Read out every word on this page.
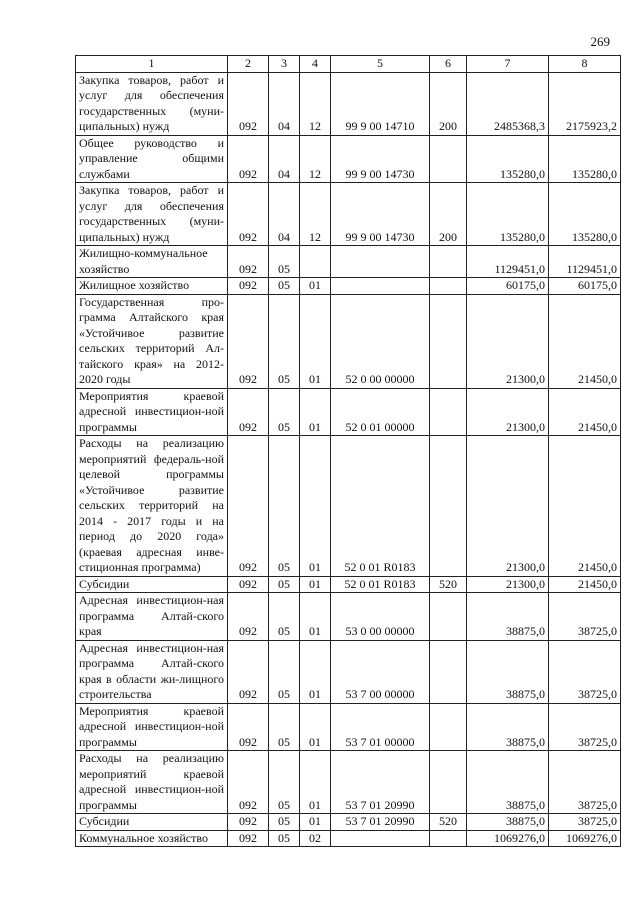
269
1	2	3	4	5	6	7	8
Закупка товаров, работ и услуг для обеспечения государственных (муни-ципальных) нужд	092	04	12	99 9 00 14710	200	2485368,3	2175923,2
Общее руководство и управление общими службами	092	04	12	99 9 00 14730		135280,0	135280,0
Закупка товаров, работ и услуг для обеспечения государственных (муни-ципальных) нужд	092	04	12	99 9 00 14730	200	135280,0	135280,0
Жилищно-коммунальное хозяйство	092	05				1129451,0	1129451,0
Жилищное хозяйство	092	05	01			60175,0	60175,0
Государственная про-грамма Алтайского края «Устойчивое развитие сельских территорий Ал-тайского края» на 2012-2020 годы	092	05	01	52 0 00 00000		21300,0	21450,0
Мероприятия краевой адресной инвестицион-ной программы	092	05	01	52 0 01 00000		21300,0	21450,0
Расходы на реализацию мероприятий федераль-ной целевой программы «Устойчивое развитие сельских территорий на 2014 - 2017 годы и на период до 2020 года» (краевая адресная инве-стиционная программа)	092	05	01	52 0 01 R0183		21300,0	21450,0
Субсидии	092	05	01	52 0 01 R0183	520	21300,0	21450,0
Адресная инвестицион-ная программа Алтай-ского края	092	05	01	53 0 00 00000		38875,0	38725,0
Адресная инвестицион-ная программа Алтай-ского края в области жи-лищного строительства	092	05	01	53 7 00 00000		38875,0	38725,0
Мероприятия краевой адресной инвестицион-ной программы	092	05	01	53 7 01 00000		38875,0	38725,0
Расходы на реализацию мероприятий краевой адресной инвестицион-ной программы	092	05	01	53 7 01 20990		38875,0	38725,0
Субсидии	092	05	01	53 7 01 20990	520	38875,0	38725,0
Коммунальное хозяйство	092	05	02			1069276,0	1069276,0
